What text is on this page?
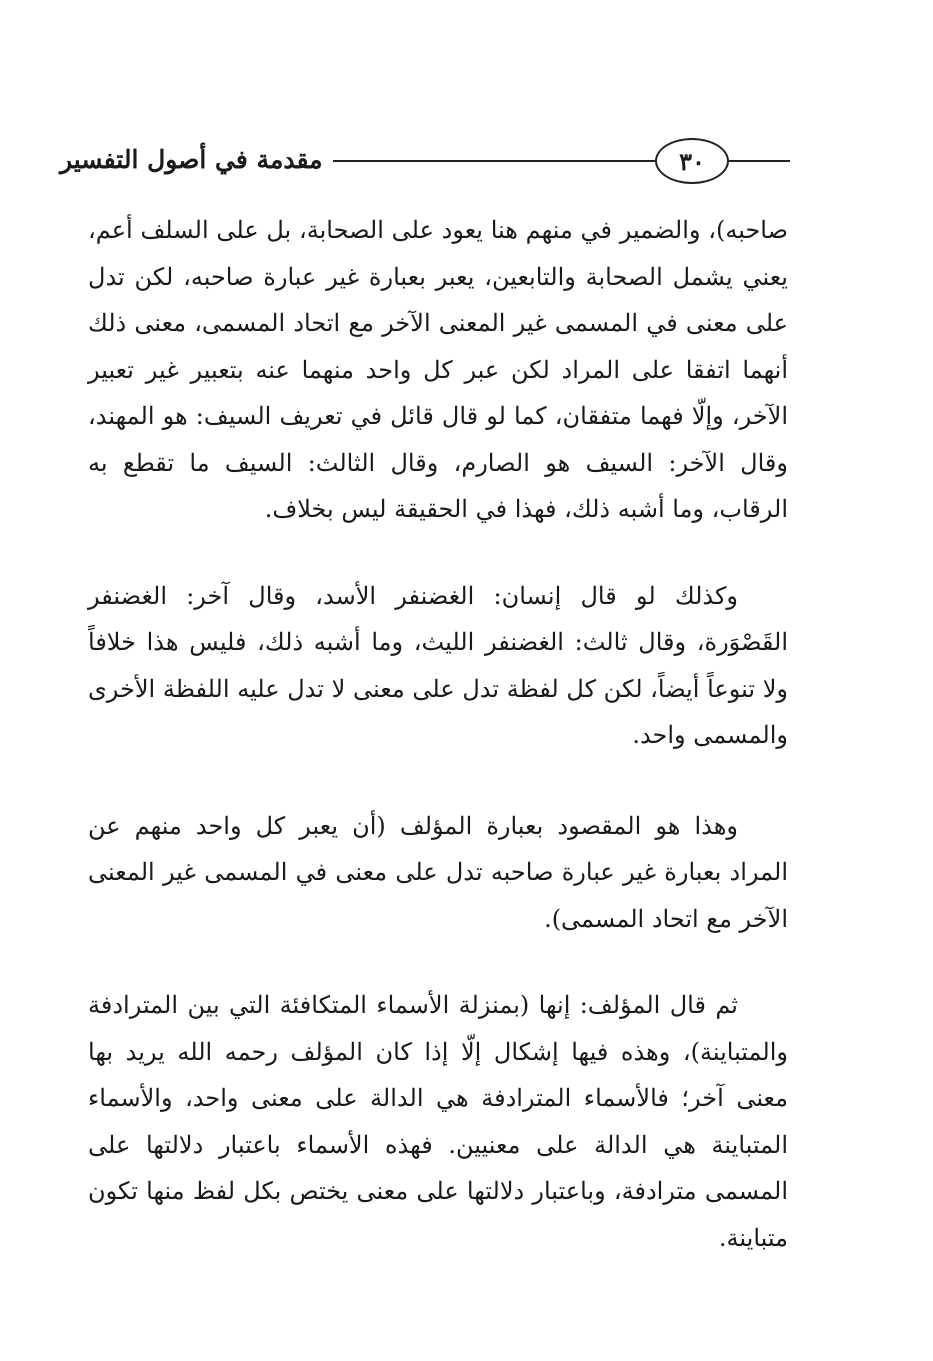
مقدمة في أصول التفسير	٣٠

صاحبه)، والضمير في منهم هنا يعود على الصحابة، بل على السلف أعم، يعني يشمل الصحابة والتابعين، يعبر بعبارة غير عبارة صاحبه، لكن تدل على معنى في المسمى غير المعنى الآخر مع اتحاد المسمى، معنى ذلك أنهما اتفقا على المراد لكن عبر كل واحد منهما عنه بتعبير غير تعبير الآخر، وإلّا فهما متفقان، كما لو قال قائل في تعريف السيف: هو المهند، وقال الآخر: السيف هو الصارم، وقال الثالث: السيف ما تقطع به الرقاب، وما أشبه ذلك، فهذا في الحقيقة ليس بخلاف.

وكذلك لو قال إنسان: الغضنفر الأسد، وقال آخر: الغضنفر القَصْوَرة، وقال ثالث: الغضنفر الليث، وما أشبه ذلك، فليس هذا خلافاً ولا تنوعاً أيضاً، لكن كل لفظة تدل على معنى لا تدل عليه اللفظة الأخرى والمسمى واحد.

وهذا هو المقصود بعبارة المؤلف (أن يعبر كل واحد منهم عن المراد بعبارة غير عبارة صاحبه تدل على معنى في المسمى غير المعنى الآخر مع اتحاد المسمى).

ثم قال المؤلف: إنها (بمنزلة الأسماء المتكافئة التي بين المترادفة والمتباينة)، وهذه فيها إشكال إلّا إذا كان المؤلف رحمه الله يريد بها معنى آخر؛ فالأسماء المترادفة هي الدالة على معنى واحد، والأسماء المتباينة هي الدالة على معنيين. فهذه الأسماء باعتبار دلالتها على المسمى مترادفة، وباعتبار دلالتها على معنى يختص بكل لفظ منها تكون متباينة.
